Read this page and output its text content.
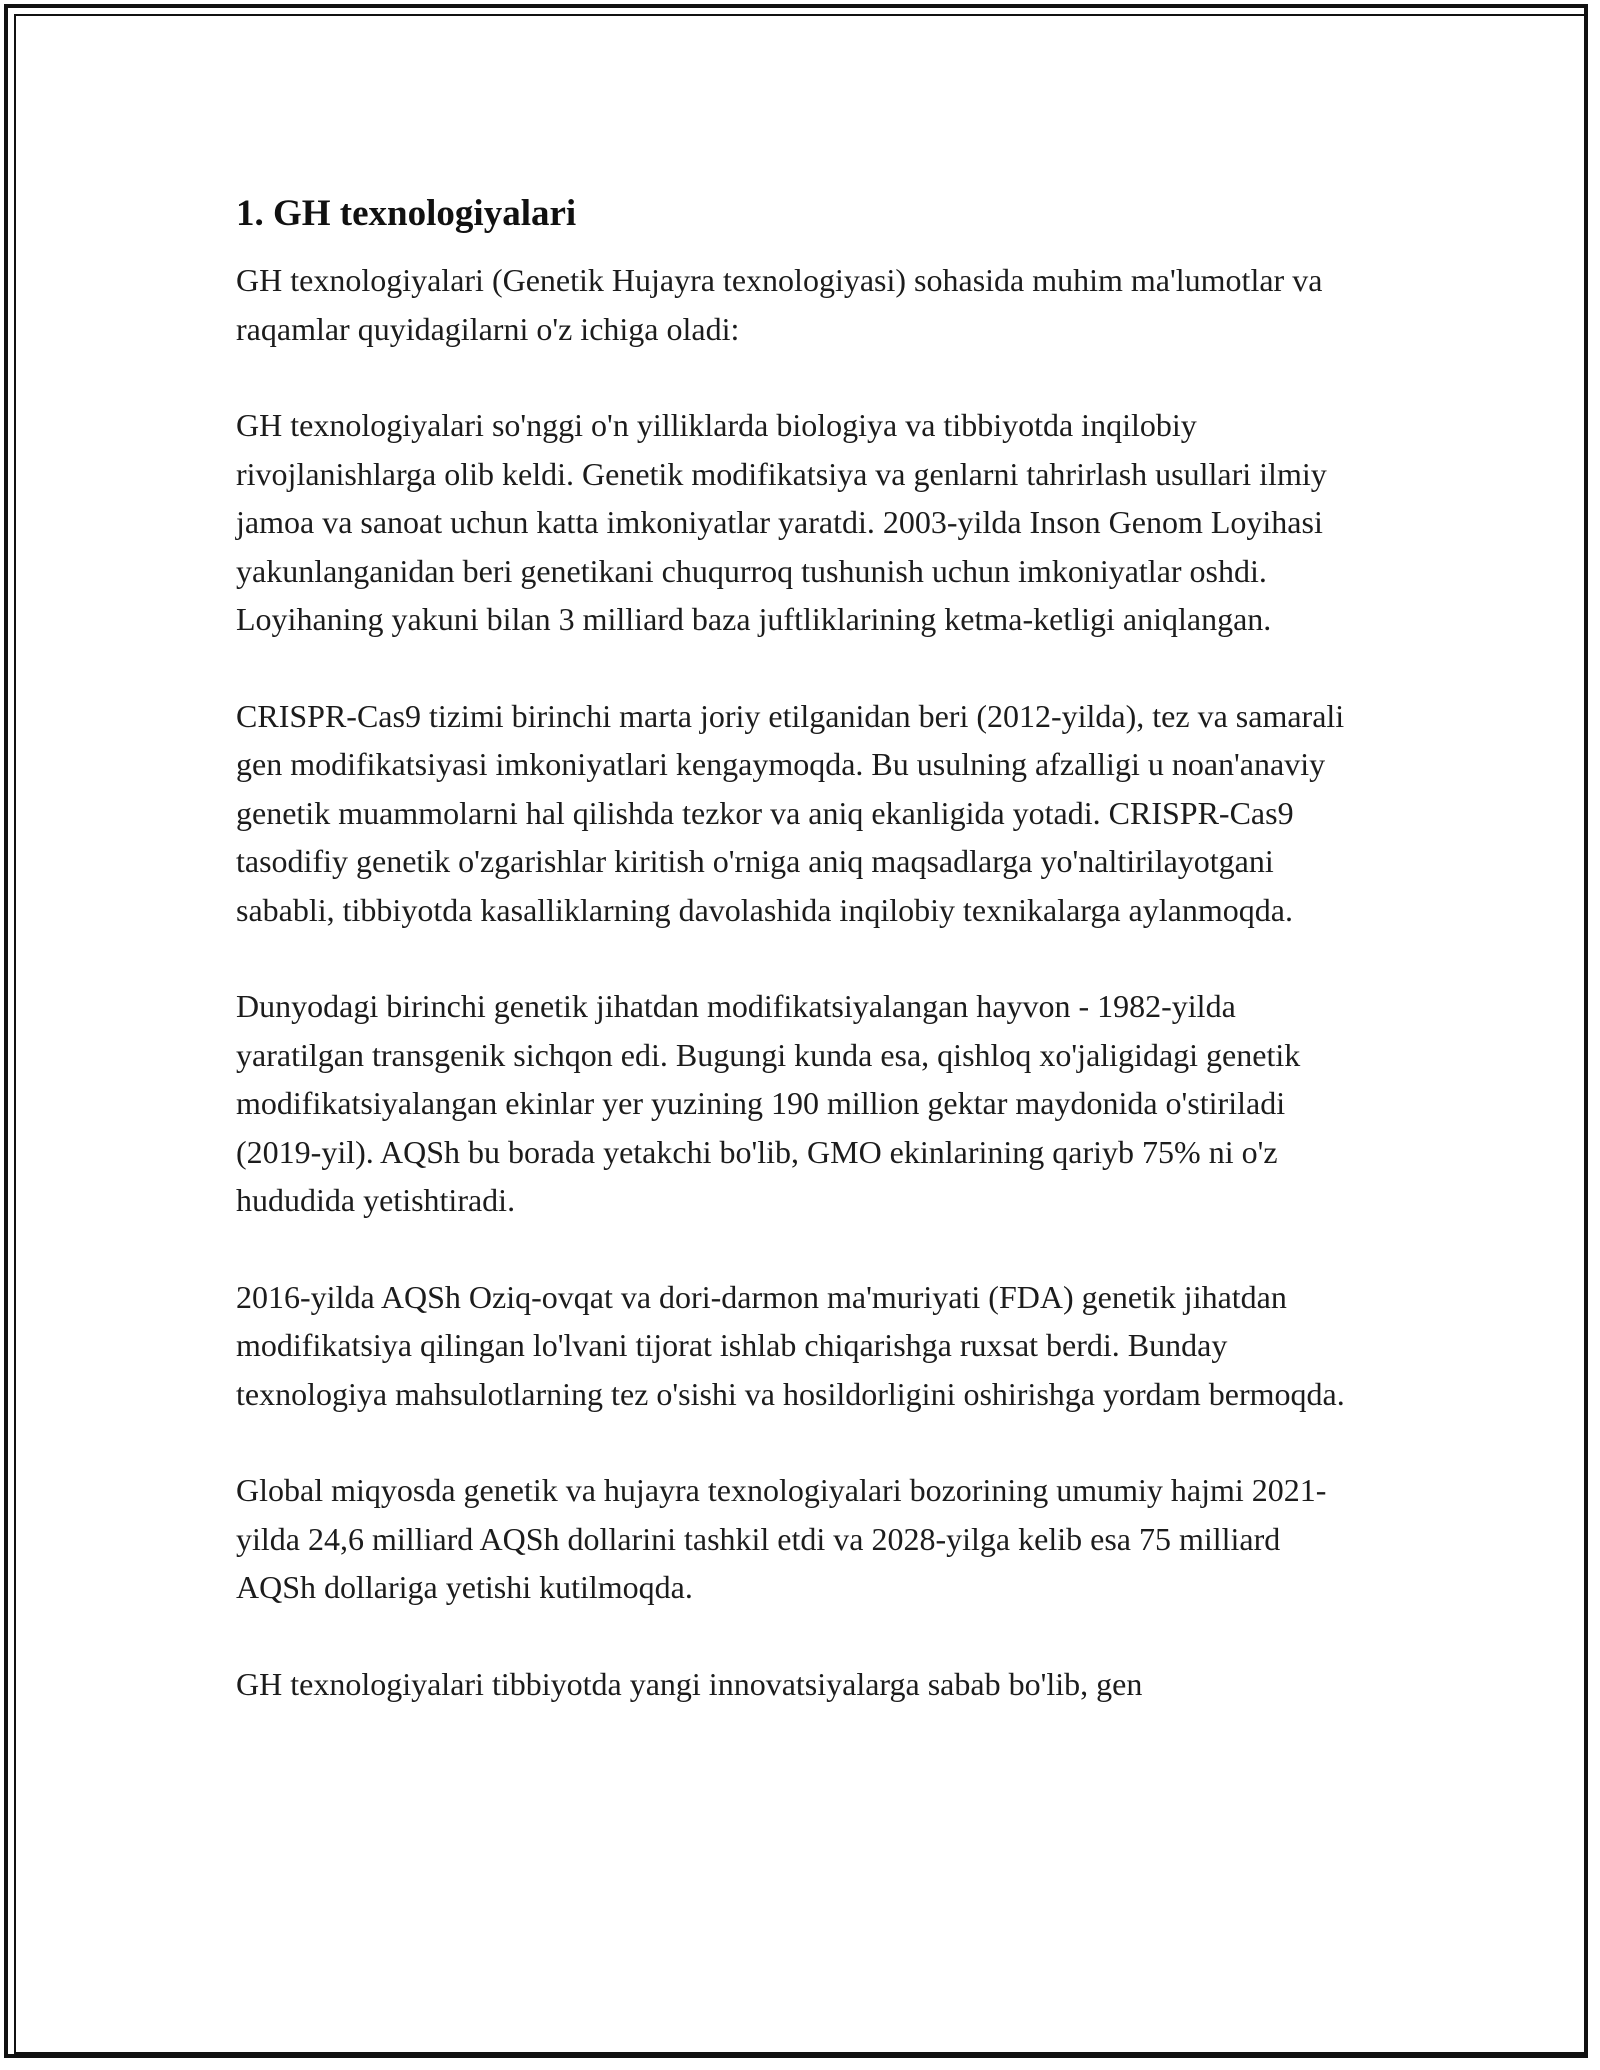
1. GH texnologiyalari

GH texnologiyalari (Genetik Hujayra texnologiyasi) sohasida muhim ma'lumotlar va raqamlar quyidagilarni o'z ichiga oladi:

GH texnologiyalari so'nggi o'n yilliklarda biologiya va tibbiyotda inqilobiy rivojlanishlarga olib keldi. Genetik modifikatsiya va genlarni tahrirlash usullari ilmiy jamoa va sanoat uchun katta imkoniyatlar yaratdi. 2003-yilda Inson Genom Loyihasi yakunlanganidan beri genetikani chuqurroq tushunish uchun imkoniyatlar oshdi. Loyihaning yakuni bilan 3 milliard baza juftliklarining ketma-ketligi aniqlangan.

CRISPR-Cas9 tizimi birinchi marta joriy etilganidan beri (2012-yilda), tez va samarali gen modifikatsiyasi imkoniyatlari kengaymoqda. Bu usulning afzalligi u noan'anaviy genetik muammolarni hal qilishda tezkor va aniq ekanligida yotadi. CRISPR-Cas9 tasodifiy genetik o'zgarishlar kiritish o'rniga aniq maqsadlarga yo'naltirilayotgani sababli, tibbiyotda kasalliklarning davolashida inqilobiy texnikalarga aylanmoqda.

Dunyodagi birinchi genetik jihatdan modifikatsiyalangan hayvon - 1982-yilda yaratilgan transgenik sichqon edi. Bugungi kunda esa, qishloq xo'jaligidagi genetik modifikatsiyalangan ekinlar yer yuzining 190 million gektar maydonida o'stiriladi (2019-yil). AQSh bu borada yetakchi bo'lib, GMO ekinlarining qariyb 75% ni o'z hududida yetishtiradi.

2016-yilda AQSh Oziq-ovqat va dori-darmon ma'muriyati (FDA) genetik jihatdan modifikatsiya qilingan lo'lvani tijorat ishlab chiqarishga ruxsat berdi. Bunday texnologiya mahsulotlarning tez o'sishi va hosildorligini oshirishga yordam bermoqda.

Global miqyosda genetik va hujayra texnologiyalari bozorining umumiy hajmi 2021-yilda 24,6 milliard AQSh dollarini tashkil etdi va 2028-yilga kelib esa 75 milliard AQSh dollariga yetishi kutilmoqda.

GH texnologiyalari tibbiyotda yangi innovatsiyalarga sabab bo'lib, gen
